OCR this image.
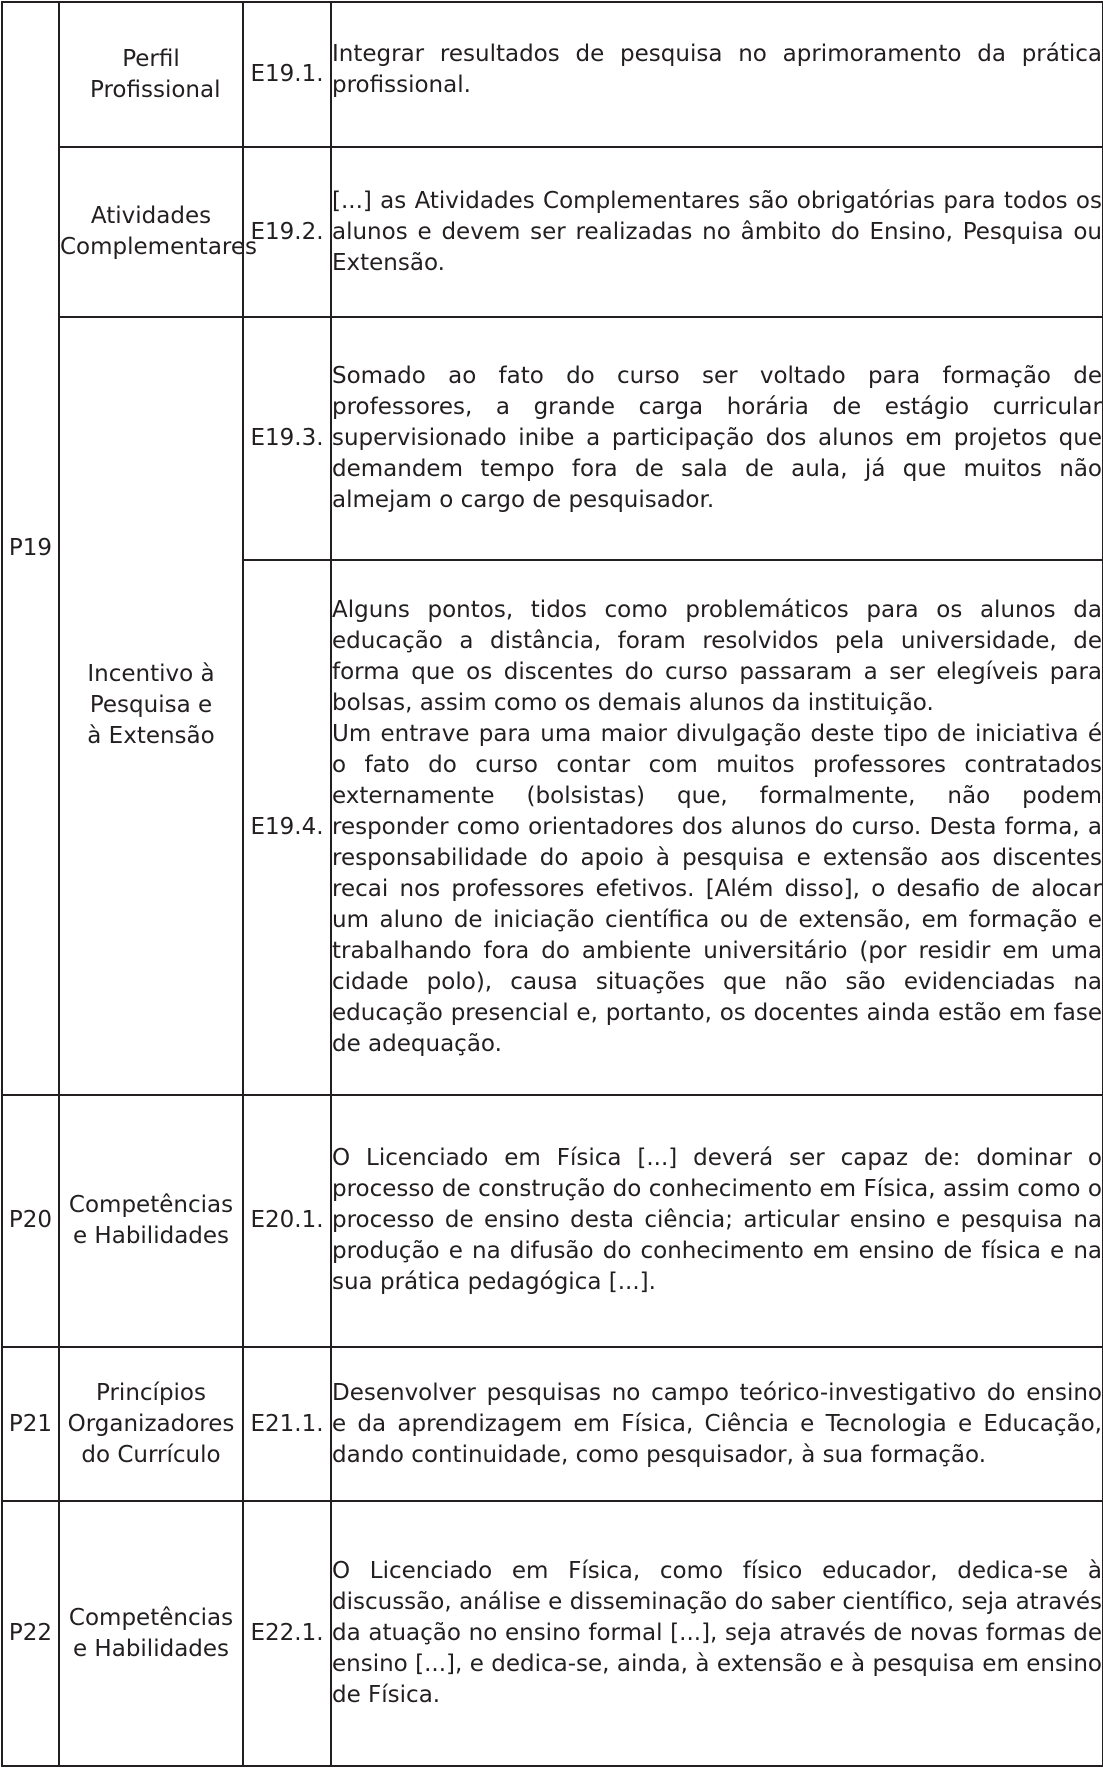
P19	Perfil Profissional	E19.1.	Integrar resultados de pesquisa no aprimoramento da prática profissional.

	Atividades Complementares	E19.2.	[...] as Atividades Complementares são obrigatórias para todos os alunos e devem ser realizadas no âmbito do Ensino, Pesquisa ou Extensão.

	Incentivo à Pesquisa e à Extensão	E19.3.	Somado ao fato do curso ser voltado para formação de professores, a grande carga horária de estágio curricular supervisionado inibe a participação dos alunos em projetos que demandem tempo fora de sala de aula, já que muitos não almejam o cargo de pesquisador.

		E19.4.	Alguns pontos, tidos como problemáticos para os alunos da educação a distância, foram resolvidos pela universidade, de forma que os discentes do curso passaram a ser elegíveis para bolsas, assim como os demais alunos da instituição.
Um entrave para uma maior divulgação deste tipo de iniciativa é o fato do curso contar com muitos professores contratados externamente (bolsistas) que, formalmente, não podem responder como orientadores dos alunos do curso. Desta forma, a responsabilidade do apoio à pesquisa e extensão aos discentes recai nos professores efetivos. [Além disso], o desafio de alocar um aluno de iniciação científica ou de extensão, em formação e trabalhando fora do ambiente universitário (por residir em uma cidade polo), causa situações que não são evidenciadas na educação presencial e, portanto, os docentes ainda estão em fase de adequação.

P20	Competências e Habilidades	E20.1.	O Licenciado em Física [...] deverá ser capaz de: dominar o processo de construção do conhecimento em Física, assim como o processo de ensino desta ciência; articular ensino e pesquisa na produção e na difusão do conhecimento em ensino de física e na sua prática pedagógica [...].

P21	Princípios Organizadores do Currículo	E21.1.	Desenvolver pesquisas no campo teórico-investigativo do ensino e da aprendizagem em Física, Ciência e Tecnologia e Educação, dando continuidade, como pesquisador, à sua formação.

P22	Competências e Habilidades	E22.1.	O Licenciado em Física, como físico educador, dedica-se à discussão, análise e disseminação do saber científico, seja através da atuação no ensino formal [...], seja através de novas formas de ensino [...], e dedica-se, ainda, à extensão e à pesquisa em ensino de Física.
